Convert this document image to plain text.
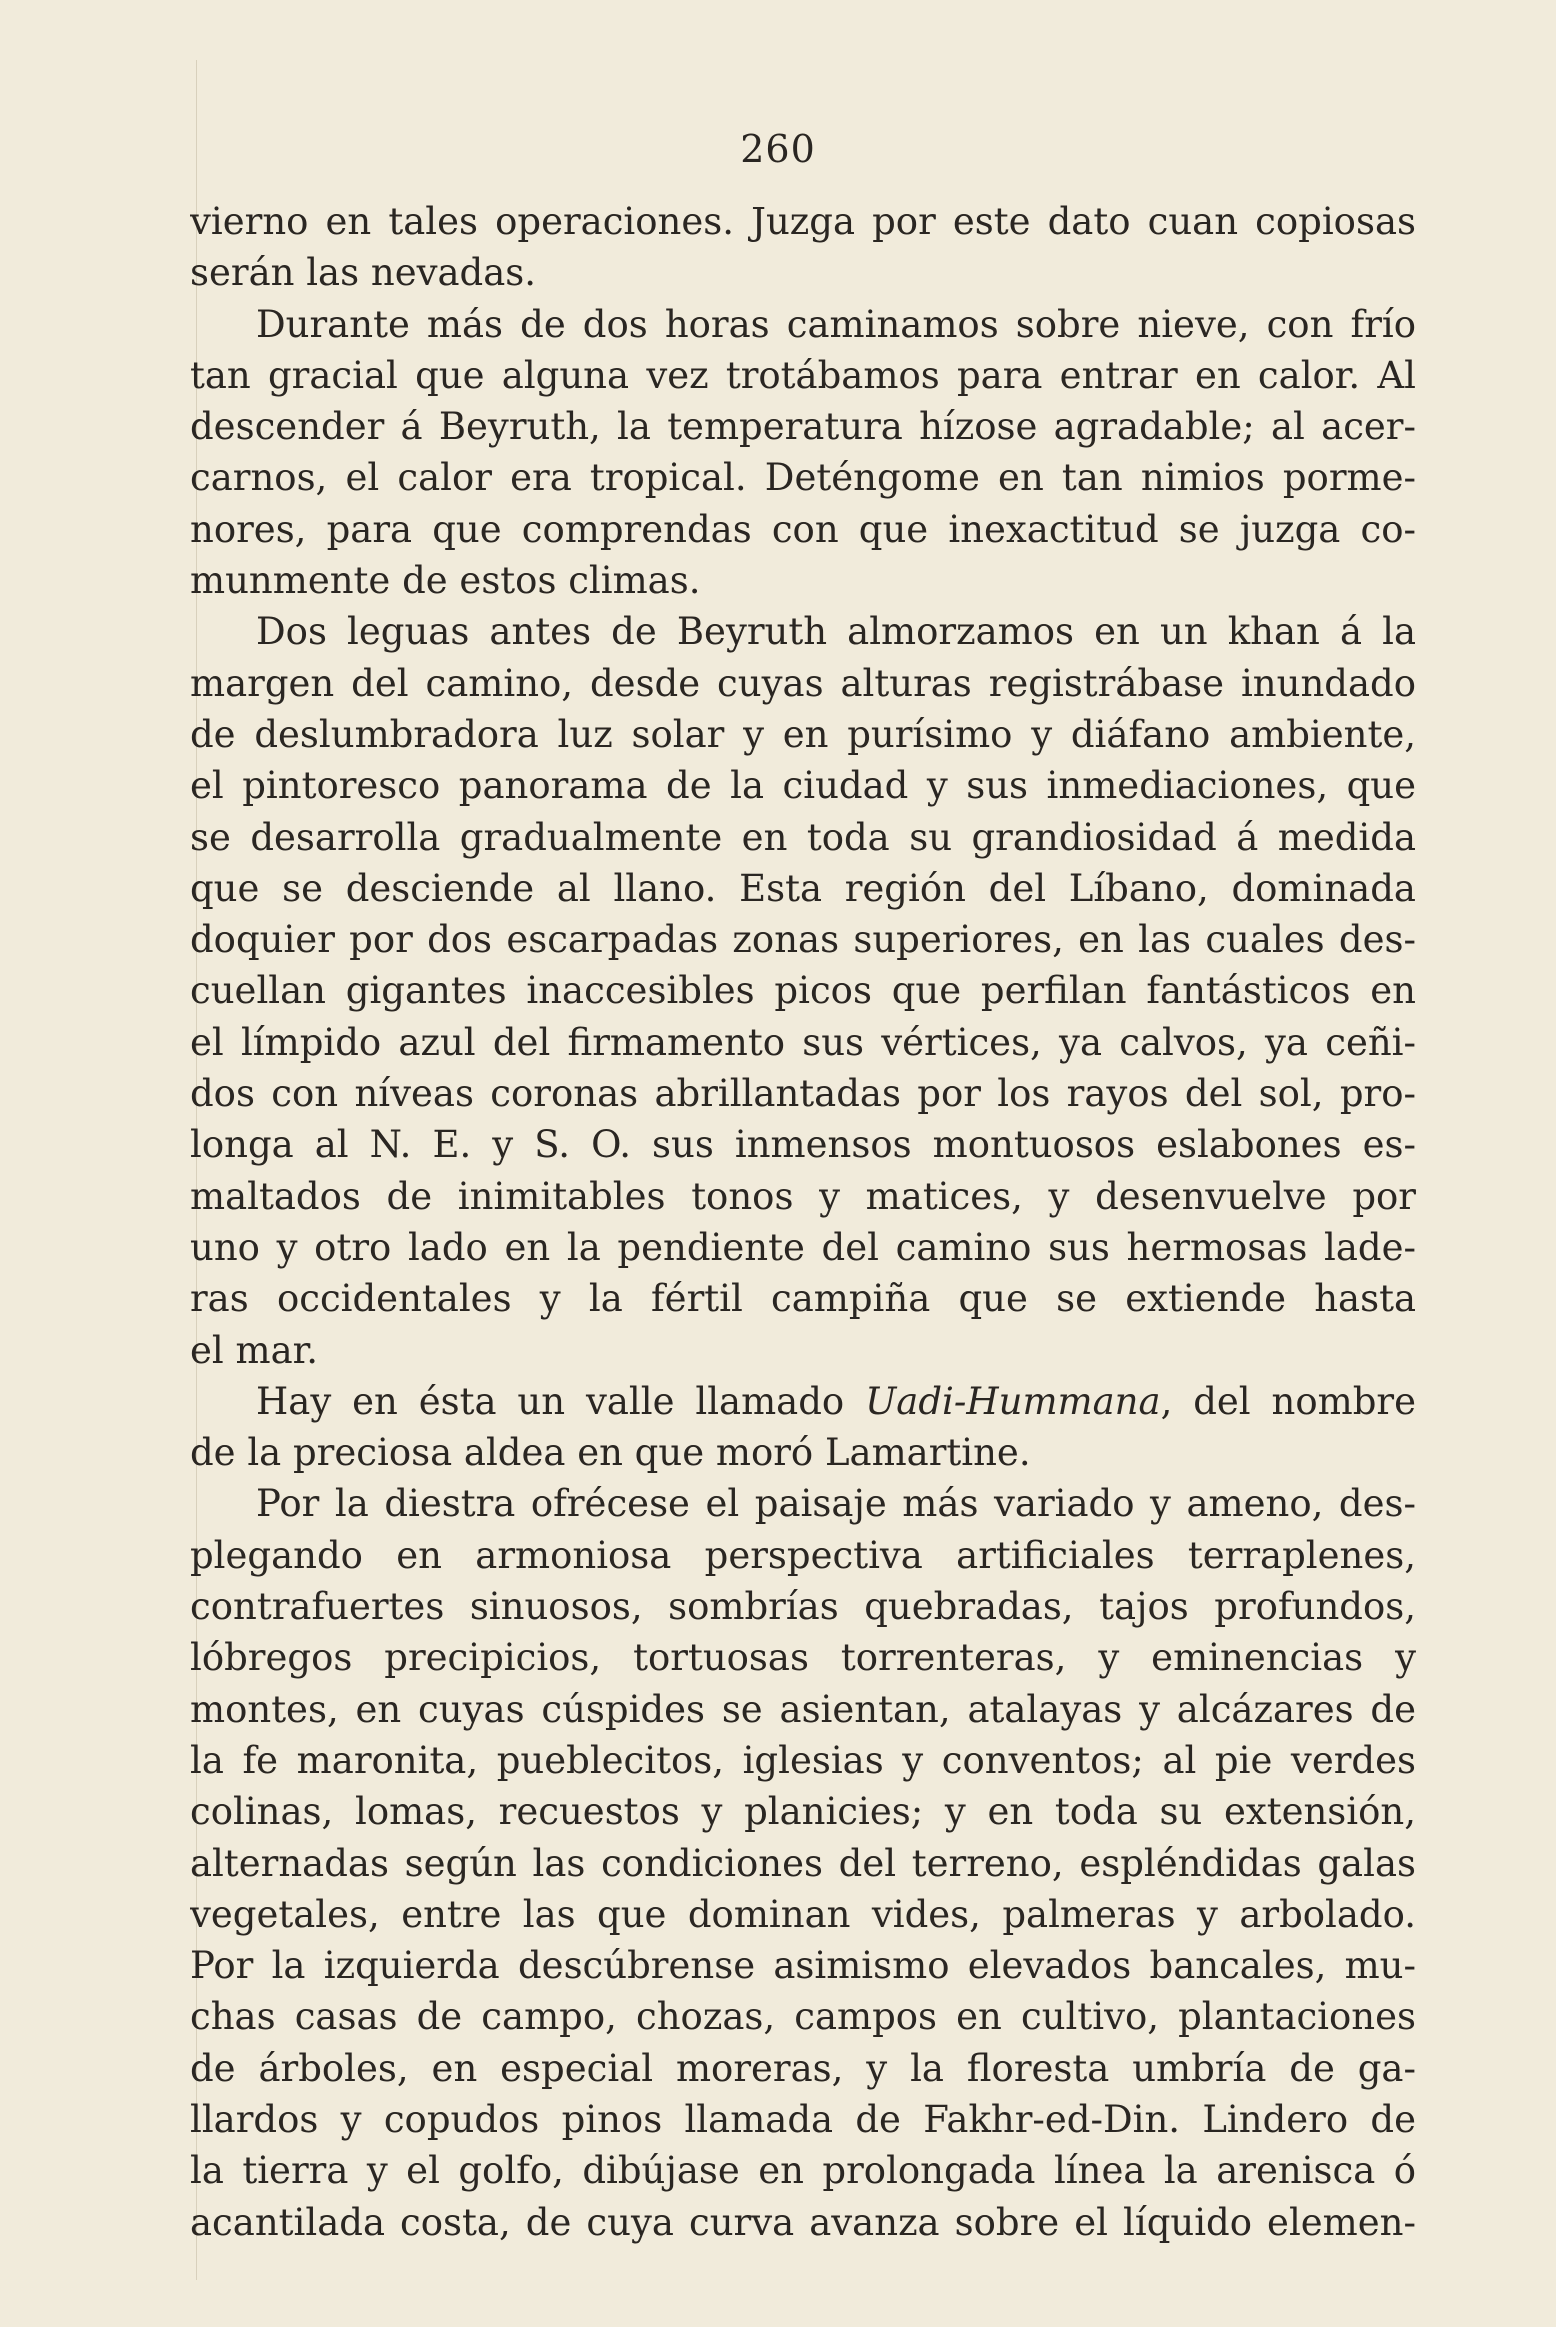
260
vierno en tales operaciones. Juzga por este dato cuan copiosas
serán las nevadas.
Durante más de dos horas caminamos sobre nieve, con frío
tan gracial que alguna vez trotábamos para entrar en calor. Al
descender á Beyruth, la temperatura hízose agradable; al acer-
carnos, el calor era tropical. Deténgome en tan nimios porme-
nores, para que comprendas con que inexactitud se juzga co-
munmente de estos climas.
Dos leguas antes de Beyruth almorzamos en un khan á la
margen del camino, desde cuyas alturas registrábase inundado
de deslumbradora luz solar y en purísimo y diáfano ambiente,
el pintoresco panorama de la ciudad y sus inmediaciones, que
se desarrolla gradualmente en toda su grandiosidad á medida
que se desciende al llano. Esta región del Líbano, dominada
doquier por dos escarpadas zonas superiores, en las cuales des-
cuellan gigantes inaccesibles picos que perfilan fantásticos en
el límpido azul del firmamento sus vértices, ya calvos, ya ceñi-
dos con níveas coronas abrillantadas por los rayos del sol, pro-
longa al N. E. y S. O. sus inmensos montuosos eslabones es-
maltados de inimitables tonos y matices, y desenvuelve por
uno y otro lado en la pendiente del camino sus hermosas lade-
ras occidentales y la fértil campiña que se extiende hasta
el mar.
Hay en ésta un valle llamado Uadi-Hummana, del nombre
de la preciosa aldea en que moró Lamartine.
Por la diestra ofrécese el paisaje más variado y ameno, des-
plegando en armoniosa perspectiva artificiales terraplenes,
contrafuertes sinuosos, sombrías quebradas, tajos profundos,
lóbregos precipicios, tortuosas torrenteras, y eminencias y
montes, en cuyas cúspides se asientan, atalayas y alcázares de
la fe maronita, pueblecitos, iglesias y conventos; al pie verdes
colinas, lomas, recuestos y planicies; y en toda su extensión,
alternadas según las condiciones del terreno, espléndidas galas
vegetales, entre las que dominan vides, palmeras y arbolado.
Por la izquierda descúbrense asimismo elevados bancales, mu-
chas casas de campo, chozas, campos en cultivo, plantaciones
de árboles, en especial moreras, y la floresta umbría de ga-
llardos y copudos pinos llamada de Fakhr-ed-Din. Lindero de
la tierra y el golfo, dibújase en prolongada línea la arenisca ó
acantilada costa, de cuya curva avanza sobre el líquido elemen-
